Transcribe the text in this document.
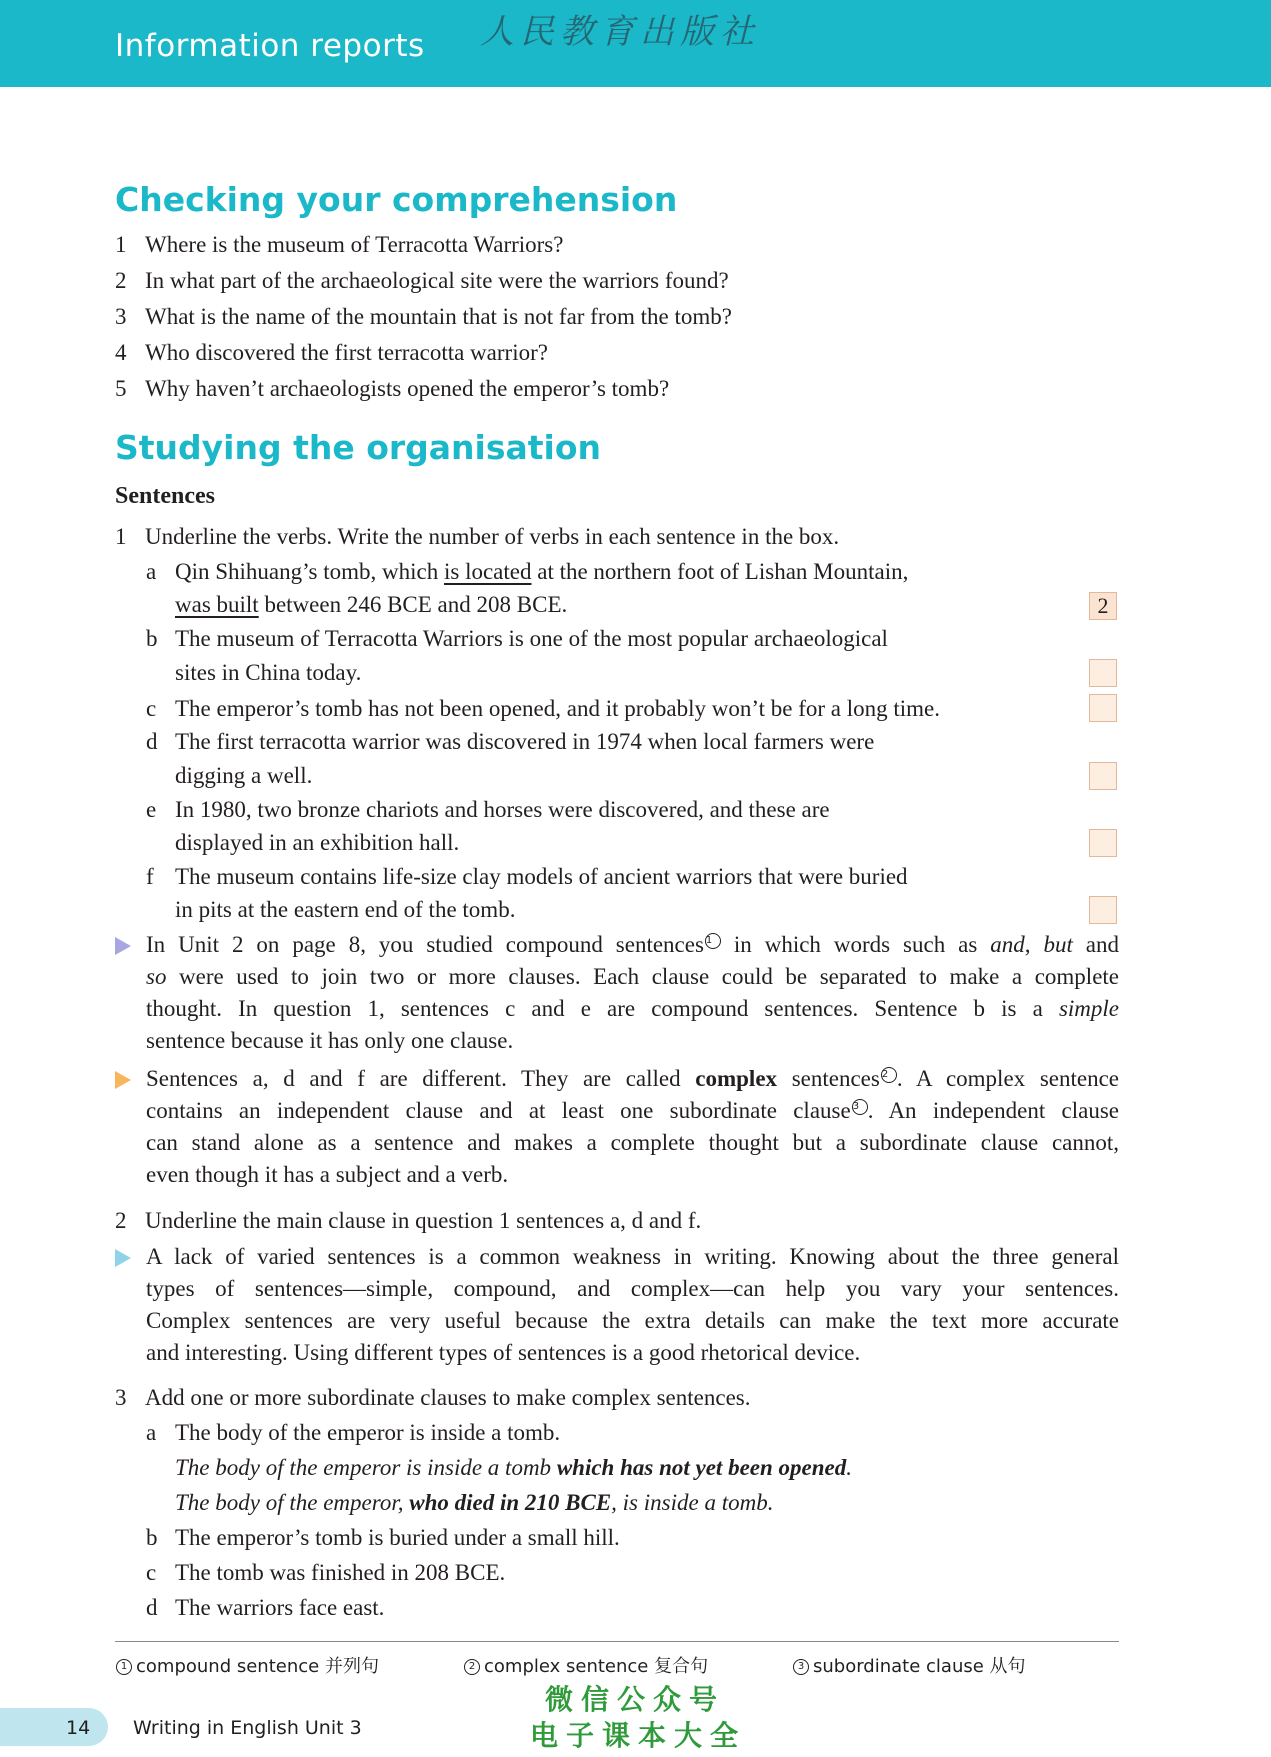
Information reports 人民教育出版社
Checking your comprehension
1 Where is the museum of Terracotta Warriors?
2 In what part of the archaeological site were the warriors found?
3 What is the name of the mountain that is not far from the tomb?
4 Who discovered the first terracotta warrior?
5 Why haven’t archaeologists opened the emperor’s tomb?
Studying the organisation
Sentences
1 Underline the verbs. Write the number of verbs in each sentence in the box.
a Qin Shihuang’s tomb, which is located at the northern foot of Lishan Mountain,
was built between 246 BCE and 208 BCE.	2
b The museum of Terracotta Warriors is one of the most popular archaeological
sites in China today.
c The emperor’s tomb has not been opened, and it probably won’t be for a long time.
d The first terracotta warrior was discovered in 1974 when local farmers were
digging a well.
e In 1980, two bronze chariots and horses were discovered, and these are
displayed in an exhibition hall.
f The museum contains life-size clay models of ancient warriors that were buried
in pits at the eastern end of the tomb.
In Unit 2 on page 8, you studied compound sentences 1 in which words such as and, but and
so were used to join two or more clauses. Each clause could be separated to make a complete
thought. In question 1, sentences c and e are compound sentences. Sentence b is a simple
sentence because it has only one clause.
Sentences a, d and f are different. They are called complex sentences 2 . A complex sentence
contains an independent clause and at least one subordinate clause 3 . An independent clause
can stand alone as a sentence and makes a complete thought but a subordinate clause cannot,
even though it has a subject and a verb.
2 Underline the main clause in question 1 sentences a, d and f.
A lack of varied sentences is a common weakness in writing. Knowing about the three general
types of sentences—simple, compound, and complex—can help you vary your sentences.
Complex sentences are very useful because the extra details can make the text more accurate
and interesting. Using different types of sentences is a good rhetorical device.
3 Add one or more subordinate clauses to make complex sentences.
a The body of the emperor is inside a tomb.
The body of the emperor is inside a tomb which has not yet been opened.
The body of the emperor, who died in 210 BCE, is inside a tomb.
b The emperor’s tomb is buried under a small hill.
c The tomb was finished in 208 BCE.
d The warriors face east.
1 compound sentence 并列句	2 complex sentence 复合句	3 subordinate clause 从句
微信公众号
电子课本大全
14 Writing in English Unit 3
